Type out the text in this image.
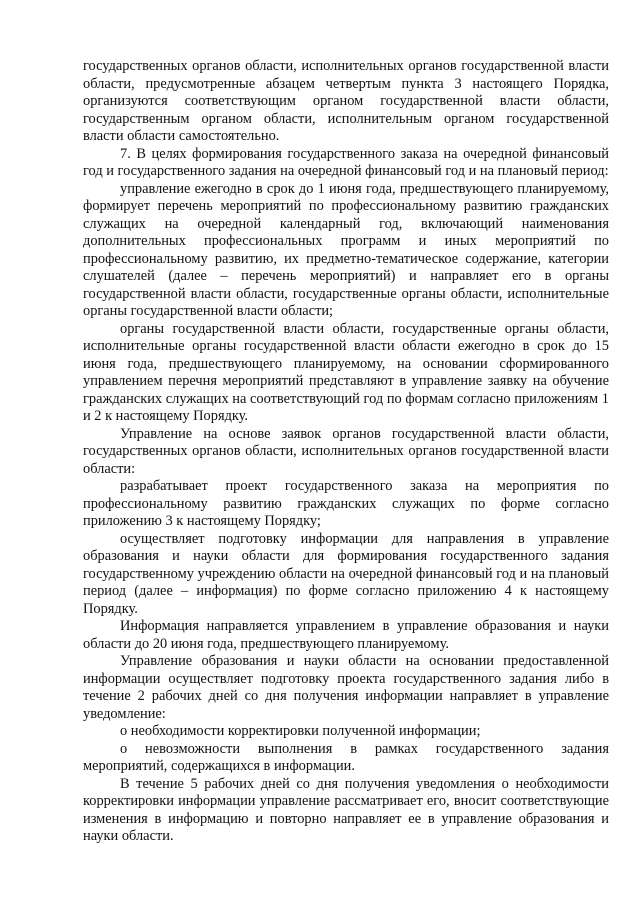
государственных органов области, исполнительных органов государственной власти области, предусмотренные абзацем четвертым пункта 3 настоящего Порядка, организуются соответствующим органом государственной власти области, государственным органом области, исполнительным органом государственной власти области самостоятельно.

7. В целях формирования государственного заказа на очередной финансовый год и государственного задания на очередной финансовый год и на плановый период:

управление ежегодно в срок до 1 июня года, предшествующего планируемому, формирует перечень мероприятий по профессиональному развитию гражданских служащих на очередной календарный год, включающий наименования дополнительных профессиональных программ и иных мероприятий по профессиональному развитию, их предметно-тематическое содержание, категории слушателей (далее – перечень мероприятий) и направляет его в органы государственной власти области, государственные органы области, исполнительные органы государственной власти области;

органы государственной власти области, государственные органы области, исполнительные органы государственной власти области ежегодно в срок до 15 июня года, предшествующего планируемому, на основании сформированного управлением перечня мероприятий представляют в управление заявку на обучение гражданских служащих на соответствующий год по формам согласно приложениям 1 и 2 к настоящему Порядку.

Управление на основе заявок органов государственной власти области, государственных органов области, исполнительных органов государственной власти области:

разрабатывает проект государственного заказа на мероприятия по профессиональному развитию гражданских служащих по форме согласно приложению 3 к настоящему Порядку;

осуществляет подготовку информации для направления в управление образования и науки области для формирования государственного задания государственному учреждению области на очередной финансовый год и на плановый период (далее – информация) по форме согласно приложению 4 к настоящему Порядку.

Информация направляется управлением в управление образования и науки области до 20 июня года, предшествующего планируемому.

Управление образования и науки области на основании предоставленной информации осуществляет подготовку проекта государственного задания либо в течение 2 рабочих дней со дня получения информации направляет в управление уведомление:

о необходимости корректировки полученной информации;

о невозможности выполнения в рамках государственного задания мероприятий, содержащихся в информации.

В течение 5 рабочих дней со дня получения уведомления о необходимости корректировки информации управление рассматривает его, вносит соответствующие изменения в информацию и повторно направляет ее в управление образования и науки области.
